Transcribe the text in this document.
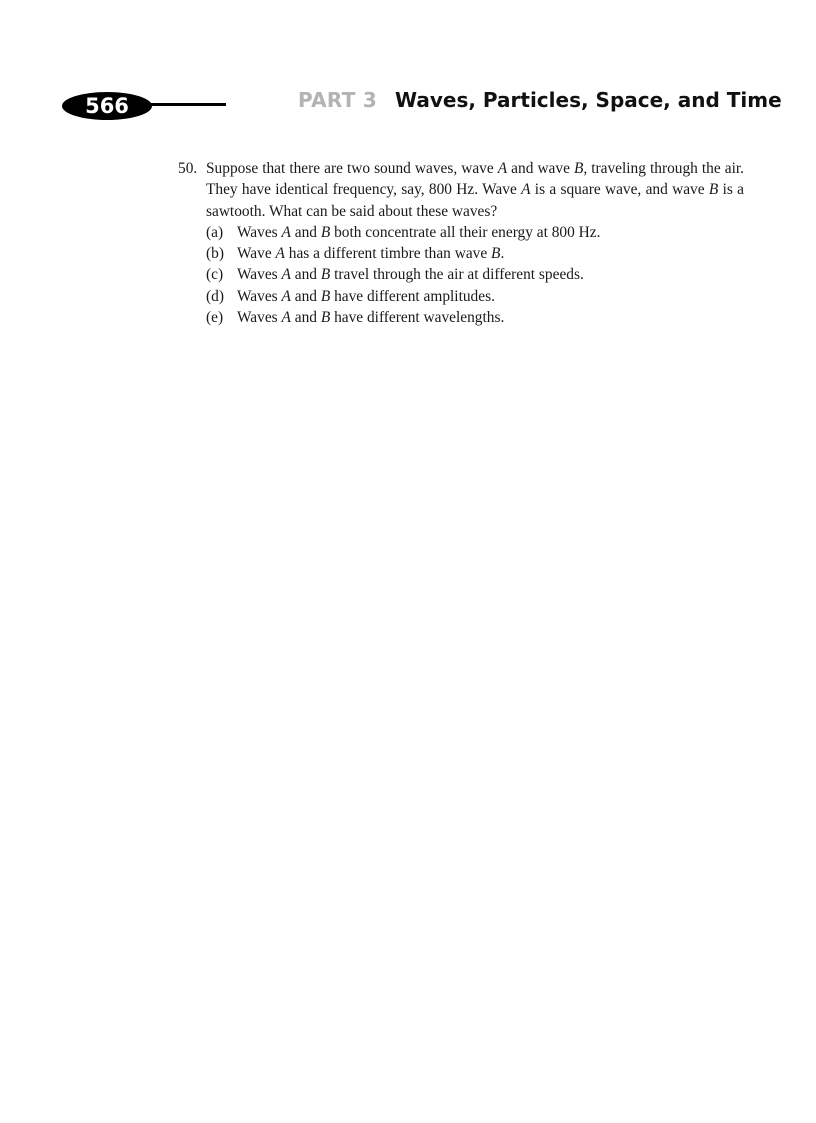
566	PART 3 Waves, Particles, Space, and Time

50. Suppose that there are two sound waves, wave A and wave B, traveling through the air. They have identical frequency, say, 800 Hz. Wave A is a square wave, and wave B is a sawtooth. What can be said about these waves?

(a) Waves A and B both concentrate all their energy at 800 Hz.
(b) Wave A has a different timbre than wave B.
(c) Waves A and B travel through the air at different speeds.
(d) Waves A and B have different amplitudes.
(e) Waves A and B have different wavelengths.
